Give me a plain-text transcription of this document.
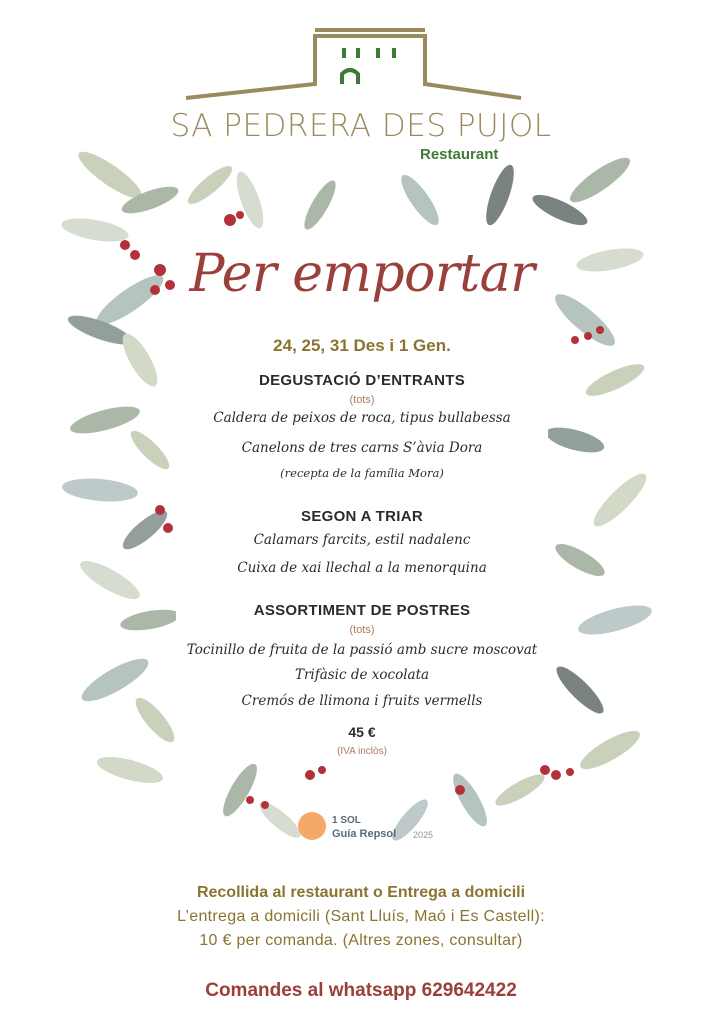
SA PEDRERA DES PUJOL
Restaurant
Per emportar
24, 25, 31 Des i 1 Gen.
DEGUSTACIÓ D’ENTRANTS
(tots)
Caldera de peixos de roca, tipus bullabessa
Canelons de tres carns S’àvia Dora
(recepta de la família Mora)
SEGON A TRIAR
Calamars farcits, estil nadalenc
Cuixa de xai llechal a la menorquina
ASSORTIMENT DE POSTRES
(tots)
Tocinillo de fruita de la passió amb sucre moscovat
Trifàsic de xocolata
Cremós de llimona i fruits vermells
45 €
(IVA inclòs)
1 SOL
Guía Repsol 2025
Recollida al restaurant o Entrega a domicili
L’entrega a domicili (Sant Lluís, Maó i Es Castell):
10 € per comanda. (Altres zones, consultar)
Comandes al whatsapp 629642422
